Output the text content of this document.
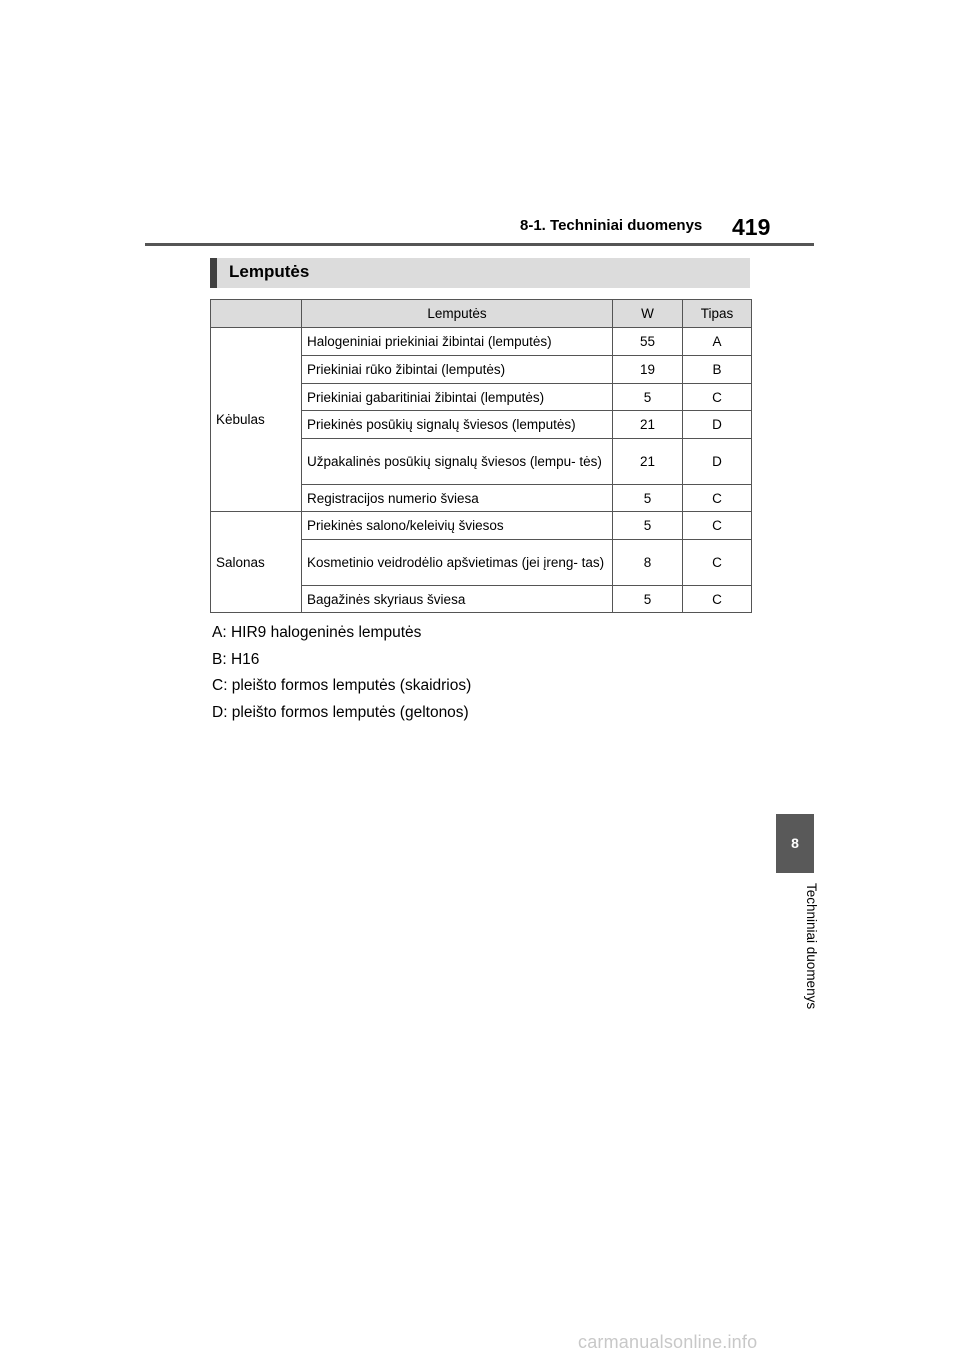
8-1. Techniniai duomenys 419
Lemputės
	Lemputės	W	Tipas
Kėbulas	Halogeniniai priekiniai žibintai (lemputės)	55	A
	Priekiniai rūko žibintai (lemputės)	19	B
	Priekiniai gabaritiniai žibintai (lemputės)	5	C
	Priekinės posūkių signalų šviesos (lemputės)	21	D
	Užpakalinės posūkių signalų šviesos (lempu- tės)	21	D
	Registracijos numerio šviesa	5	C
Salonas	Priekinės salono/keleivių šviesos	5	C
	Kosmetinio veidrodėlio apšvietimas (jei įreng- tas)	8	C
	Bagažinės skyriaus šviesa	5	C
A: HIR9 halogeninės lemputės
B: H16
C: pleišto formos lemputės (skaidrios)
D: pleišto formos lemputės (geltonos)
8
Techniniai duomenys
carmanualsonline.info
